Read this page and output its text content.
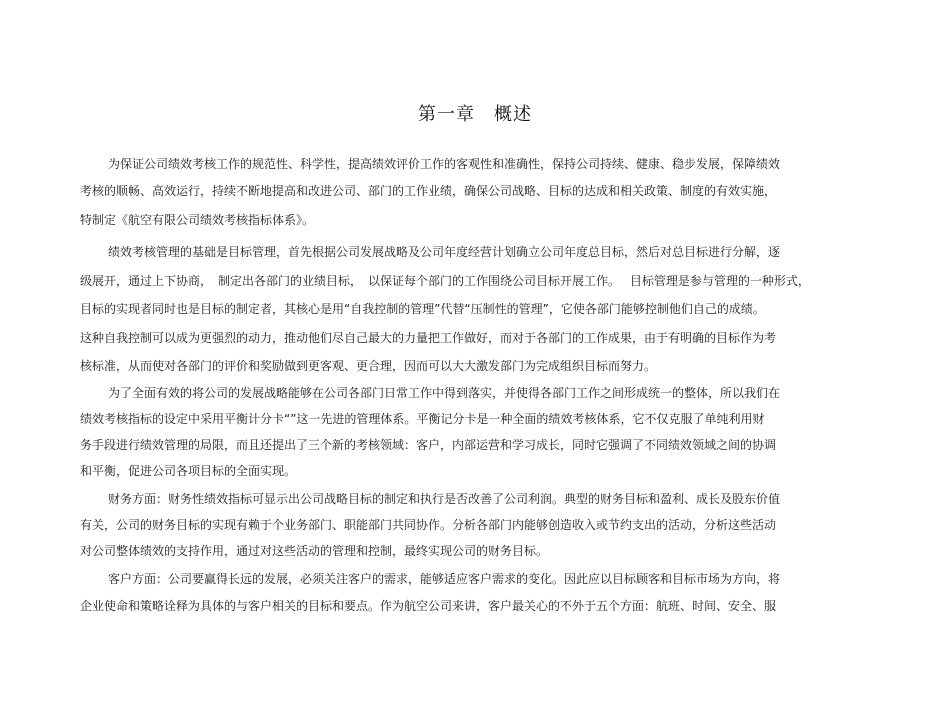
第一章　概述
为保证公司绩效考核工作的规范性、科学性，提高绩效评价工作的客观性和准确性，保持公司持续、健康、稳步发展，保障绩效
考核的顺畅、高效运行，持续不断地提高和改进公司、部门的工作业绩，确保公司战略、目标的达成和相关政策、制度的有效实施，
特制定《航空有限公司绩效考核指标体系》。
绩效考核管理的基础是目标管理，首先根据公司发展战略及公司年度经营计划确立公司年度总目标，然后对总目标进行分解，逐
级展开，通过上下协商，　制定出各部门的业绩目标，　以保证每个部门的工作围绕公司目标开展工作。　 目标管理是参与管理的一种形式，
目标的实现者同时也是目标的制定者，其核心是用“自我控制的管理”代替“压制性的管理”，它使各部门能够控制他们自己的成绩。
这种自我控制可以成为更强烈的动力，推动他们尽自己最大的力量把工作做好，而对于各部门的工作成果，由于有明确的目标作为考
核标准，从而使对各部门的评价和奖励做到更客观、更合理，因而可以大大激发部门为完成组织目标而努力。
为了全面有效的将公司的发展战略能够在公司各部门日常工作中得到落实，并使得各部门工作之间形成统一的整体，所以我们在
绩效考核指标的设定中采用平衡计分卡“”这一先进的管理体系。平衡记分卡是一种全面的绩效考核体系，它不仅克服了单纯利用财
务手段进行绩效管理的局限，而且还提出了三个新的考核领域：客户，内部运营和学习成长，同时它强调了不同绩效领域之间的协调
和平衡，促进公司各项目标的全面实现。
财务方面：财务性绩效指标可显示出公司战略目标的制定和执行是否改善了公司利润。典型的财务目标和盈利、成长及股东价值
有关，公司的财务目标的实现有赖于个业务部门、职能部门共同协作。分析各部门内能够创造收入或节约支出的活动，分析这些活动
对公司整体绩效的支持作用，通过对这些活动的管理和控制，最终实现公司的财务目标。
客户方面：公司要赢得长远的发展，必须关注客户的需求，能够适应客户需求的变化。因此应以目标顾客和目标市场为方向，将
企业使命和策略诠释为具体的与客户相关的目标和要点。作为航空公司来讲，客户最关心的不外于五个方面：航班、时间、安全、服
